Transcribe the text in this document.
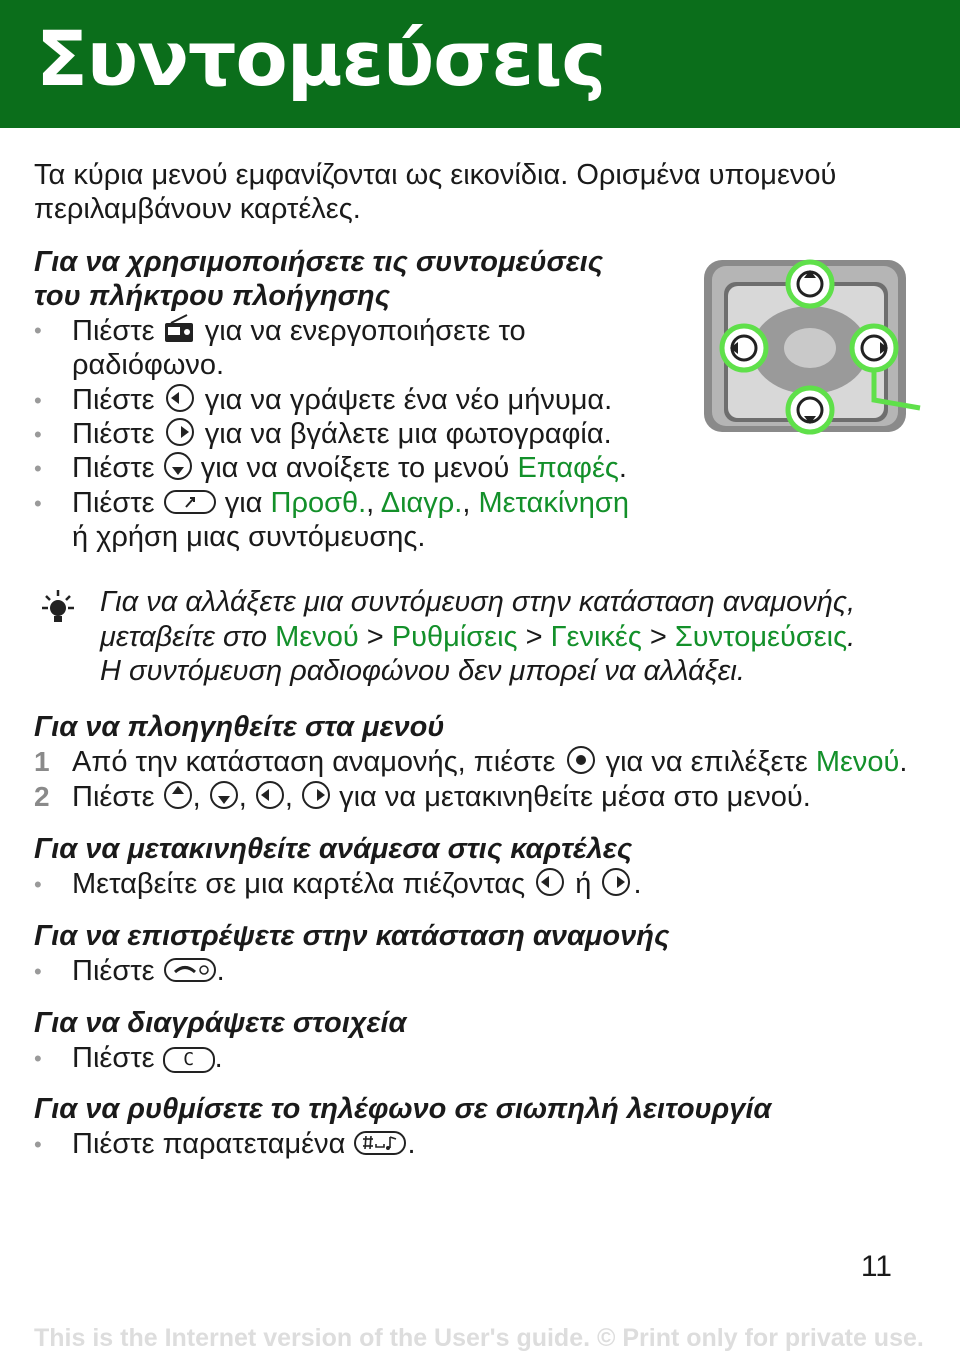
Συντομεύσεις
Τα κύρια μενού εμφανίζονται ως εικονίδια. Ορισμένα υπομενού
περιλαμβάνουν καρτέλες.
Για να χρησιμοποιήσετε τις συντομεύσεις
του πλήκτρου πλοήγησης
• Πιέστε για να ενεργοποιήσετε το
ραδιόφωνο.
• Πιέστε για να γράψετε ένα νέο μήνυμα.
• Πιέστε για να βγάλετε μια φωτογραφία.
• Πιέστε για να ανοίξετε το μενού Επαφές.
• Πιέστε για Προσθ., Διαγρ., Μετακίνηση
ή χρήση μιας συντόμευσης.
Για να αλλάξετε μια συντόμευση στην κατάσταση αναμονής,
μεταβείτε στο Μενού > Ρυθμίσεις > Γενικές > Συντομεύσεις.
Η συντόμευση ραδιοφώνου δεν μπορεί να αλλάξει.
Για να πλοηγηθείτε στα μενού
1 Από την κατάσταση αναμονής, πιέστε για να επιλέξετε Μενού.
2 Πιέστε , , , για να μετακινηθείτε μέσα στο μενού.
Για να μετακινηθείτε ανάμεσα στις καρτέλες
• Μεταβείτε σε μια καρτέλα πιέζοντας ή .
Για να επιστρέψετε στην κατάσταση αναμονής
• Πιέστε .
Για να διαγράψετε στοιχεία
• Πιέστε C .
Για να ρυθμίσετε το τηλέφωνο σε σιωπηλή λειτουργία
• Πιέστε παρατεταμένα .
11
This is the Internet version of the User's guide. © Print only for private use.
